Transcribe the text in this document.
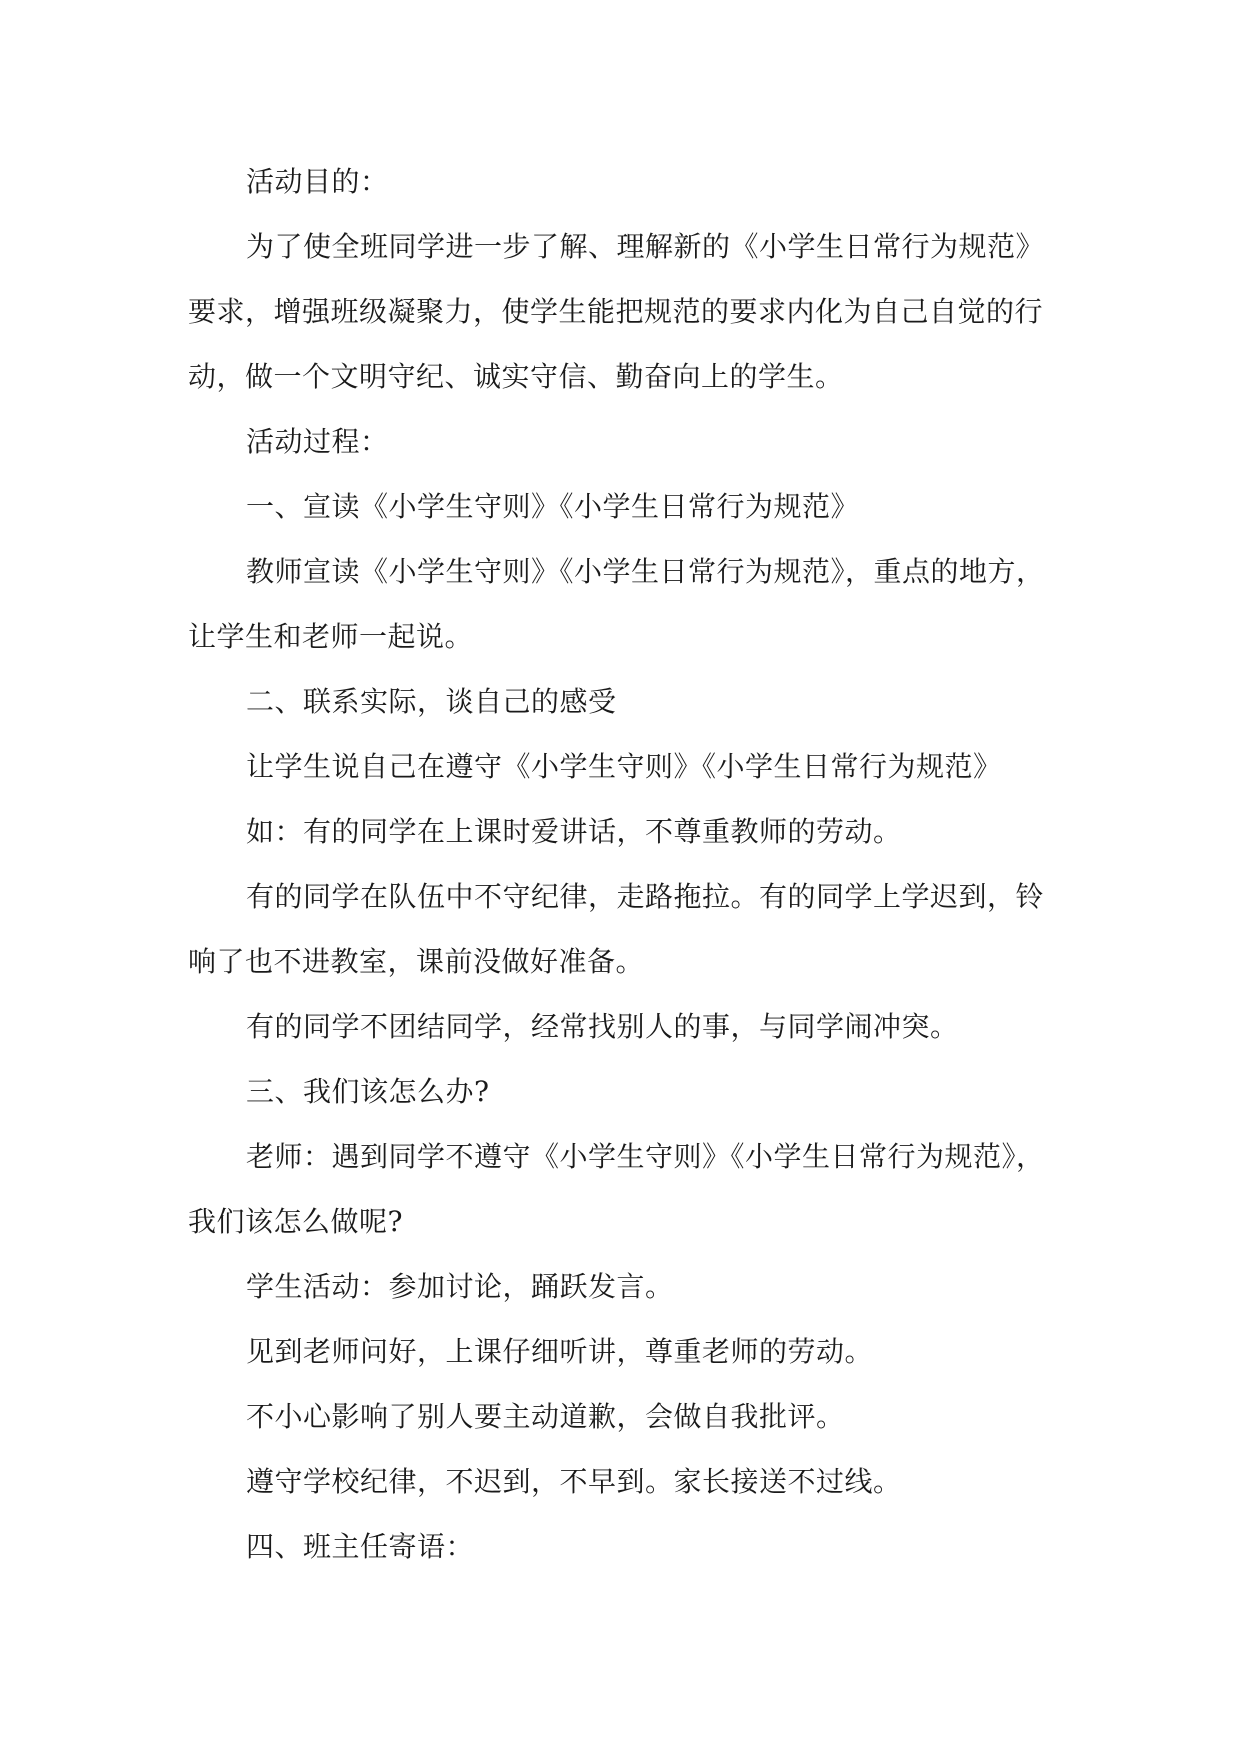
活动目的：

为了使全班同学进一步了解、理解新的《小学生日常行为规范》
要求，增强班级凝聚力，使学生能把规范的要求内化为自己自觉的行
动，做一个文明守纪、诚实守信、勤奋向上的学生。

活动过程：

一、宣读《小学生守则》《小学生日常行为规范》

教师宣读《小学生守则》《小学生日常行为规范》，重点的地方，
让学生和老师一起说。

二、联系实际，谈自己的感受

让学生说自己在遵守《小学生守则》《小学生日常行为规范》

如：有的同学在上课时爱讲话，不尊重教师的劳动。

有的同学在队伍中不守纪律，走路拖拉。有的同学上学迟到，铃
响了也不进教室，课前没做好准备。

有的同学不团结同学，经常找别人的事，与同学闹冲突。

三、我们该怎么办?

老师：遇到同学不遵守《小学生守则》《小学生日常行为规范》，
我们该怎么做呢?

学生活动：参加讨论，踊跃发言。

见到老师问好，上课仔细听讲，尊重老师的劳动。

不小心影响了别人要主动道歉，会做自我批评。

遵守学校纪律，不迟到，不早到。家长接送不过线。

四、班主任寄语：
